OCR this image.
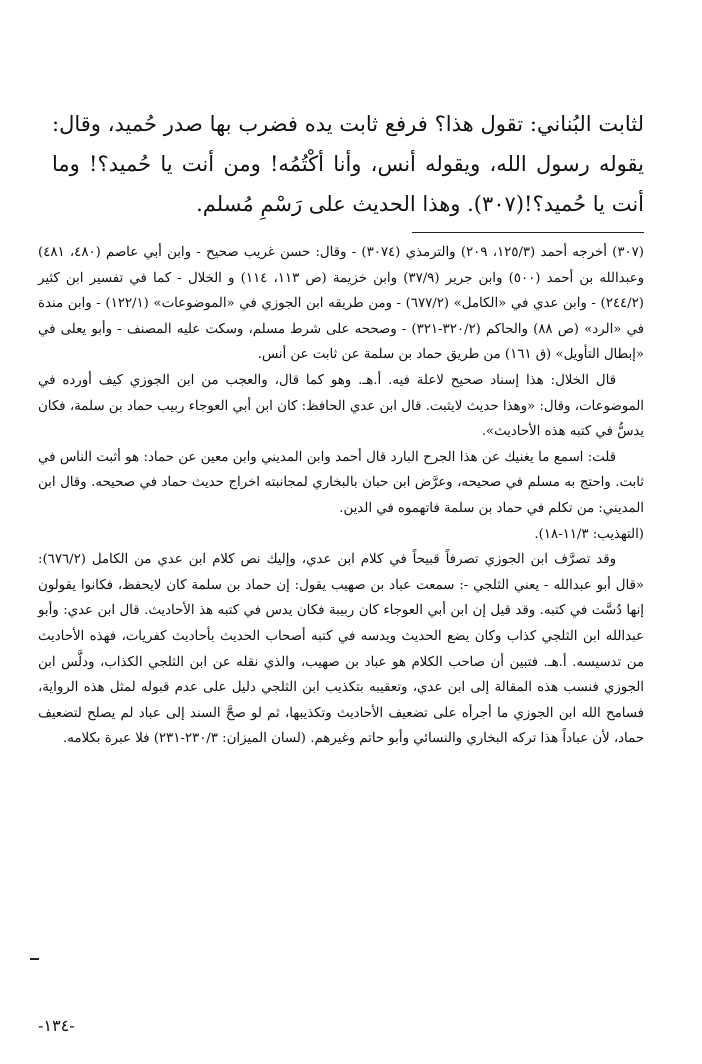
لثابت البُناني: تقول هذا؟ فرفع ثابت يده فضرب بها صدر حُميد، وقال: يقوله رسول الله، ويقوله أنس، وأنا أكْتُمُه! ومن أنت يا حُميد؟! وما أنت يا حُميد؟!(٣٠٧). وهذا الحديث على رَسْمِ مُسلم.

(٣٠٧) أخرجه أحمد (١٢٥/٣، ٢٠٩) والترمذي (٣٠٧٤) - وقال: حسن غريب صحيح - وابن أبي عاصم (٤٨٠، ٤٨١) وعبدالله بن أحمد (٥٠٠) وابن جرير (٣٧/٩) وابن خزيمة (ص ١١٣، ١١٤) و الخلال - كما في تفسير ابن كثير (٢٤٤/٢) - وابن عدي في «الكامل» (٦٧٧/٢) - ومن طريقه ابن الجوزي في «الموضوعات» (١٢٢/١) - وابن مندة في «الرد» (ص ٨٨) والحاكم (٣٢٠/٢-٣٢١) - وصححه على شرط مسلم، وسكت عليه المصنف - وأبو يعلى في «إبطال التأويل» (ق ١٦١) من طريق حماد بن سلمة عن ثابت عن أنس.

قال الخلال: هذا إسناد صحيح لاعلة فيه. أ.هـ. وهو كما قال، والعجب من ابن الجوزي كيف أورده في الموضوعات، وقال: «وهذا حديث لايثبت. قال ابن عدي الحافظ: كان ابن أبي العوجاء ربيب حماد بن سلمة، فكان يدسُّ في كتبه هذه الأحاديث».

قلت: اسمع ما يغنيك عن هذا الجرح البارد قال أحمد وابن المديني وابن معين عن حماد: هو أثبت الناس في ثابت. واحتج به مسلم في صحيحه، وعرَّض ابن حبان بالبخاري لمجانبته اخراج حديث حماد في صحيحه. وقال ابن المديني: من تكلم في حماد بن سلمة فاتهموه في الدين.

(التهذيب: ١١/٣-١٨).

وقد تصرَّف ابن الجوزي تصرفاً قبيحاً في كلام ابن عدي، وإليك نص كلام ابن عدي من الكامل (٦٧٦/٢): «قال أبو عبدالله - يعني الثلجي -: سمعت عباد بن صهيب يقول: إن حماد بن سلمة كان لايحفظ، فكانوا يقولون إنها دُسَّت في كتبه. وقد قيل إن ابن أبي العوجاء كان ربيبة فكان يدس في كتبه هذ الأحاديث. قال ابن عدي: وأبو عبدالله ابن الثلجي كذاب وكان يضع الحديث ويدسه في كتبه أصحاب الحديث بأحاديث كفريات، فهذه الأحاديث من تدسيسه. أ.هـ. فتبين أن صاحب الكلام هو عباد بن صهيب، والذي نقله عن ابن الثلجي الكذاب، ودلَّس ابن الجوزي فنسب هذه المقالة إلى ابن عدي، وتعقيبه بتكذيب ابن الثلجي دليل على عدم قبوله لمثل هذه الرواية، فسامح الله ابن الجوزي ما أجرأه على تضعيف الأحاديث وتكذيبها، ثم لو صحَّ السند إلى عباد لم يصلح لتضعيف حماد، لأن عباداً هذا تركه البخاري والنسائي وأبو حاتم وغيرهم. (لسان الميزان: ٢٣٠/٣-٢٣١) فلا عبرة بكلامه.

-١٣٤-
